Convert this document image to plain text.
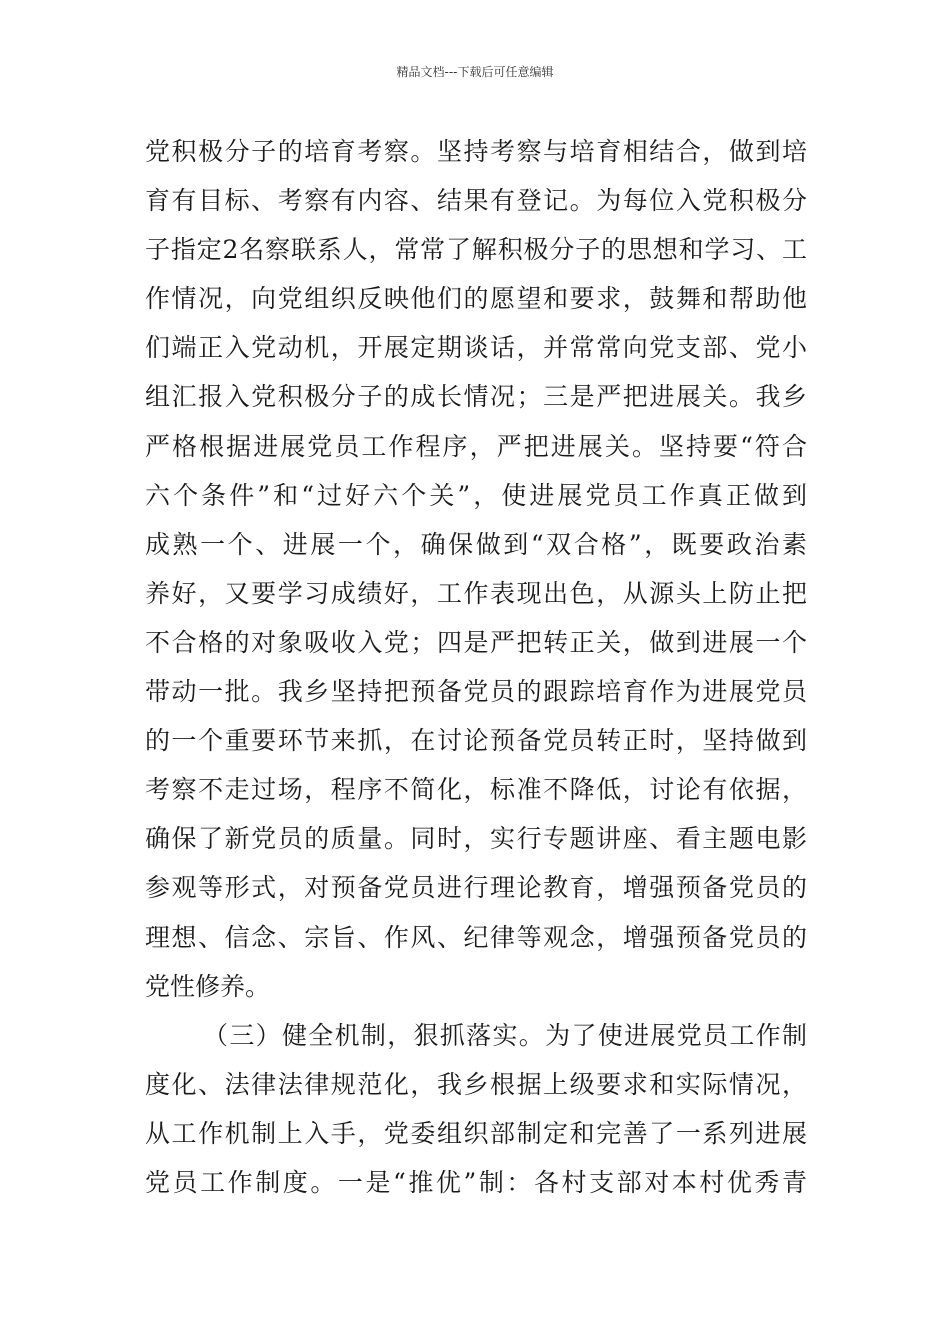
精品文档---下载后可任意编辑
党积极分子的培育考察。坚持考察与培育相结合，做到培
育有目标、考察有内容、结果有登记。为每位入党积极分
子指定2名察联系人，常常了解积极分子的思想和学习、工
作情况，向党组织反映他们的愿望和要求，鼓舞和帮助他
们端正入党动机，开展定期谈话，并常常向党支部、党小
组汇报入党积极分子的成长情况；三是严把进展关。我乡
严格根据进展党员工作程序，严把进展关。坚持要“符合
六个条件”和“过好六个关”，使进展党员工作真正做到
成熟一个、进展一个，确保做到“双合格”，既要政治素
养好，又要学习成绩好，工作表现出色，从源头上防止把
不合格的对象吸收入党；四是严把转正关，做到进展一个
带动一批。我乡坚持把预备党员的跟踪培育作为进展党员
的一个重要环节来抓，在讨论预备党员转正时，坚持做到
考察不走过场，程序不简化，标准不降低，讨论有依据，
确保了新党员的质量。同时，实行专题讲座、看主题电影
参观等形式，对预备党员进行理论教育，增强预备党员的
理想、信念、宗旨、作风、纪律等观念，增强预备党员的
党性修养。
（三）健全机制，狠抓落实。为了使进展党员工作制
度化、法律法律规范化，我乡根据上级要求和实际情况，
从工作机制上入手，党委组织部制定和完善了一系列进展
党员工作制度。一是“推优”制：各村支部对本村优秀青
